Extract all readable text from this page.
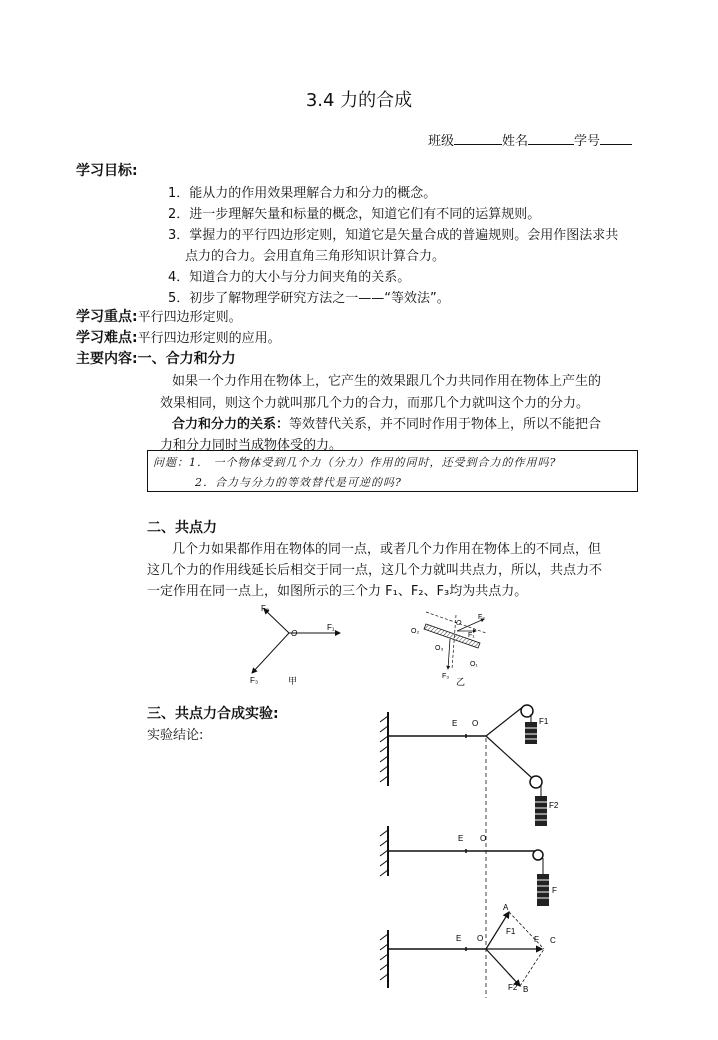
3.4 力的合成
班级	姓名	学号
学习目标:
1．能从力的作用效果理解合力和分力的概念。
2．进一步理解矢量和标量的概念，知道它们有不同的运算规则。
3．掌握力的平行四边形定则，知道它是矢量合成的普遍规则。会用作图法求共
点力的合力。会用直角三角形知识计算合力。
4．知道合力的大小与分力间夹角的关系。
5．初步了解物理学研究方法之一——“等效法”。
学习重点:平行四边形定则。
学习难点:平行四边形定则的应用。
主要内容:一、合力和分力
如果一个力作用在物体上，它产生的效果跟几个力共同作用在物体上产生的
效果相同，则这个力就叫那几个力的合力，而那几个力就叫这个力的分力。
合力和分力的关系：等效替代关系，并不同时作用于物体上，所以不能把合
力和分力同时当成物体受的力。
问题：1． 一个物体受到几个力（分力）作用的同时，还受到合力的作用吗?
2．合力与分力的等效替代是可逆的吗?
二、共点力
几个力如果都作用在物体的同一点，或者几个力作用在物体上的不同点，但
这几个力的作用线延长后相交于同一点，这几个力就叫共点力，所以，共点力不
一定作用在同一点上，如图所示的三个力 F₁、F₂、F₃均为共点力。
F₁
F₂
F₃
O
甲
F₂
F₁
F₃
O
O₂
O₃
O₁
乙
三、共点力合成实验:
实验结论:
E O	F1
F2
E O
F
E O
A
F1
F C
F2 B
